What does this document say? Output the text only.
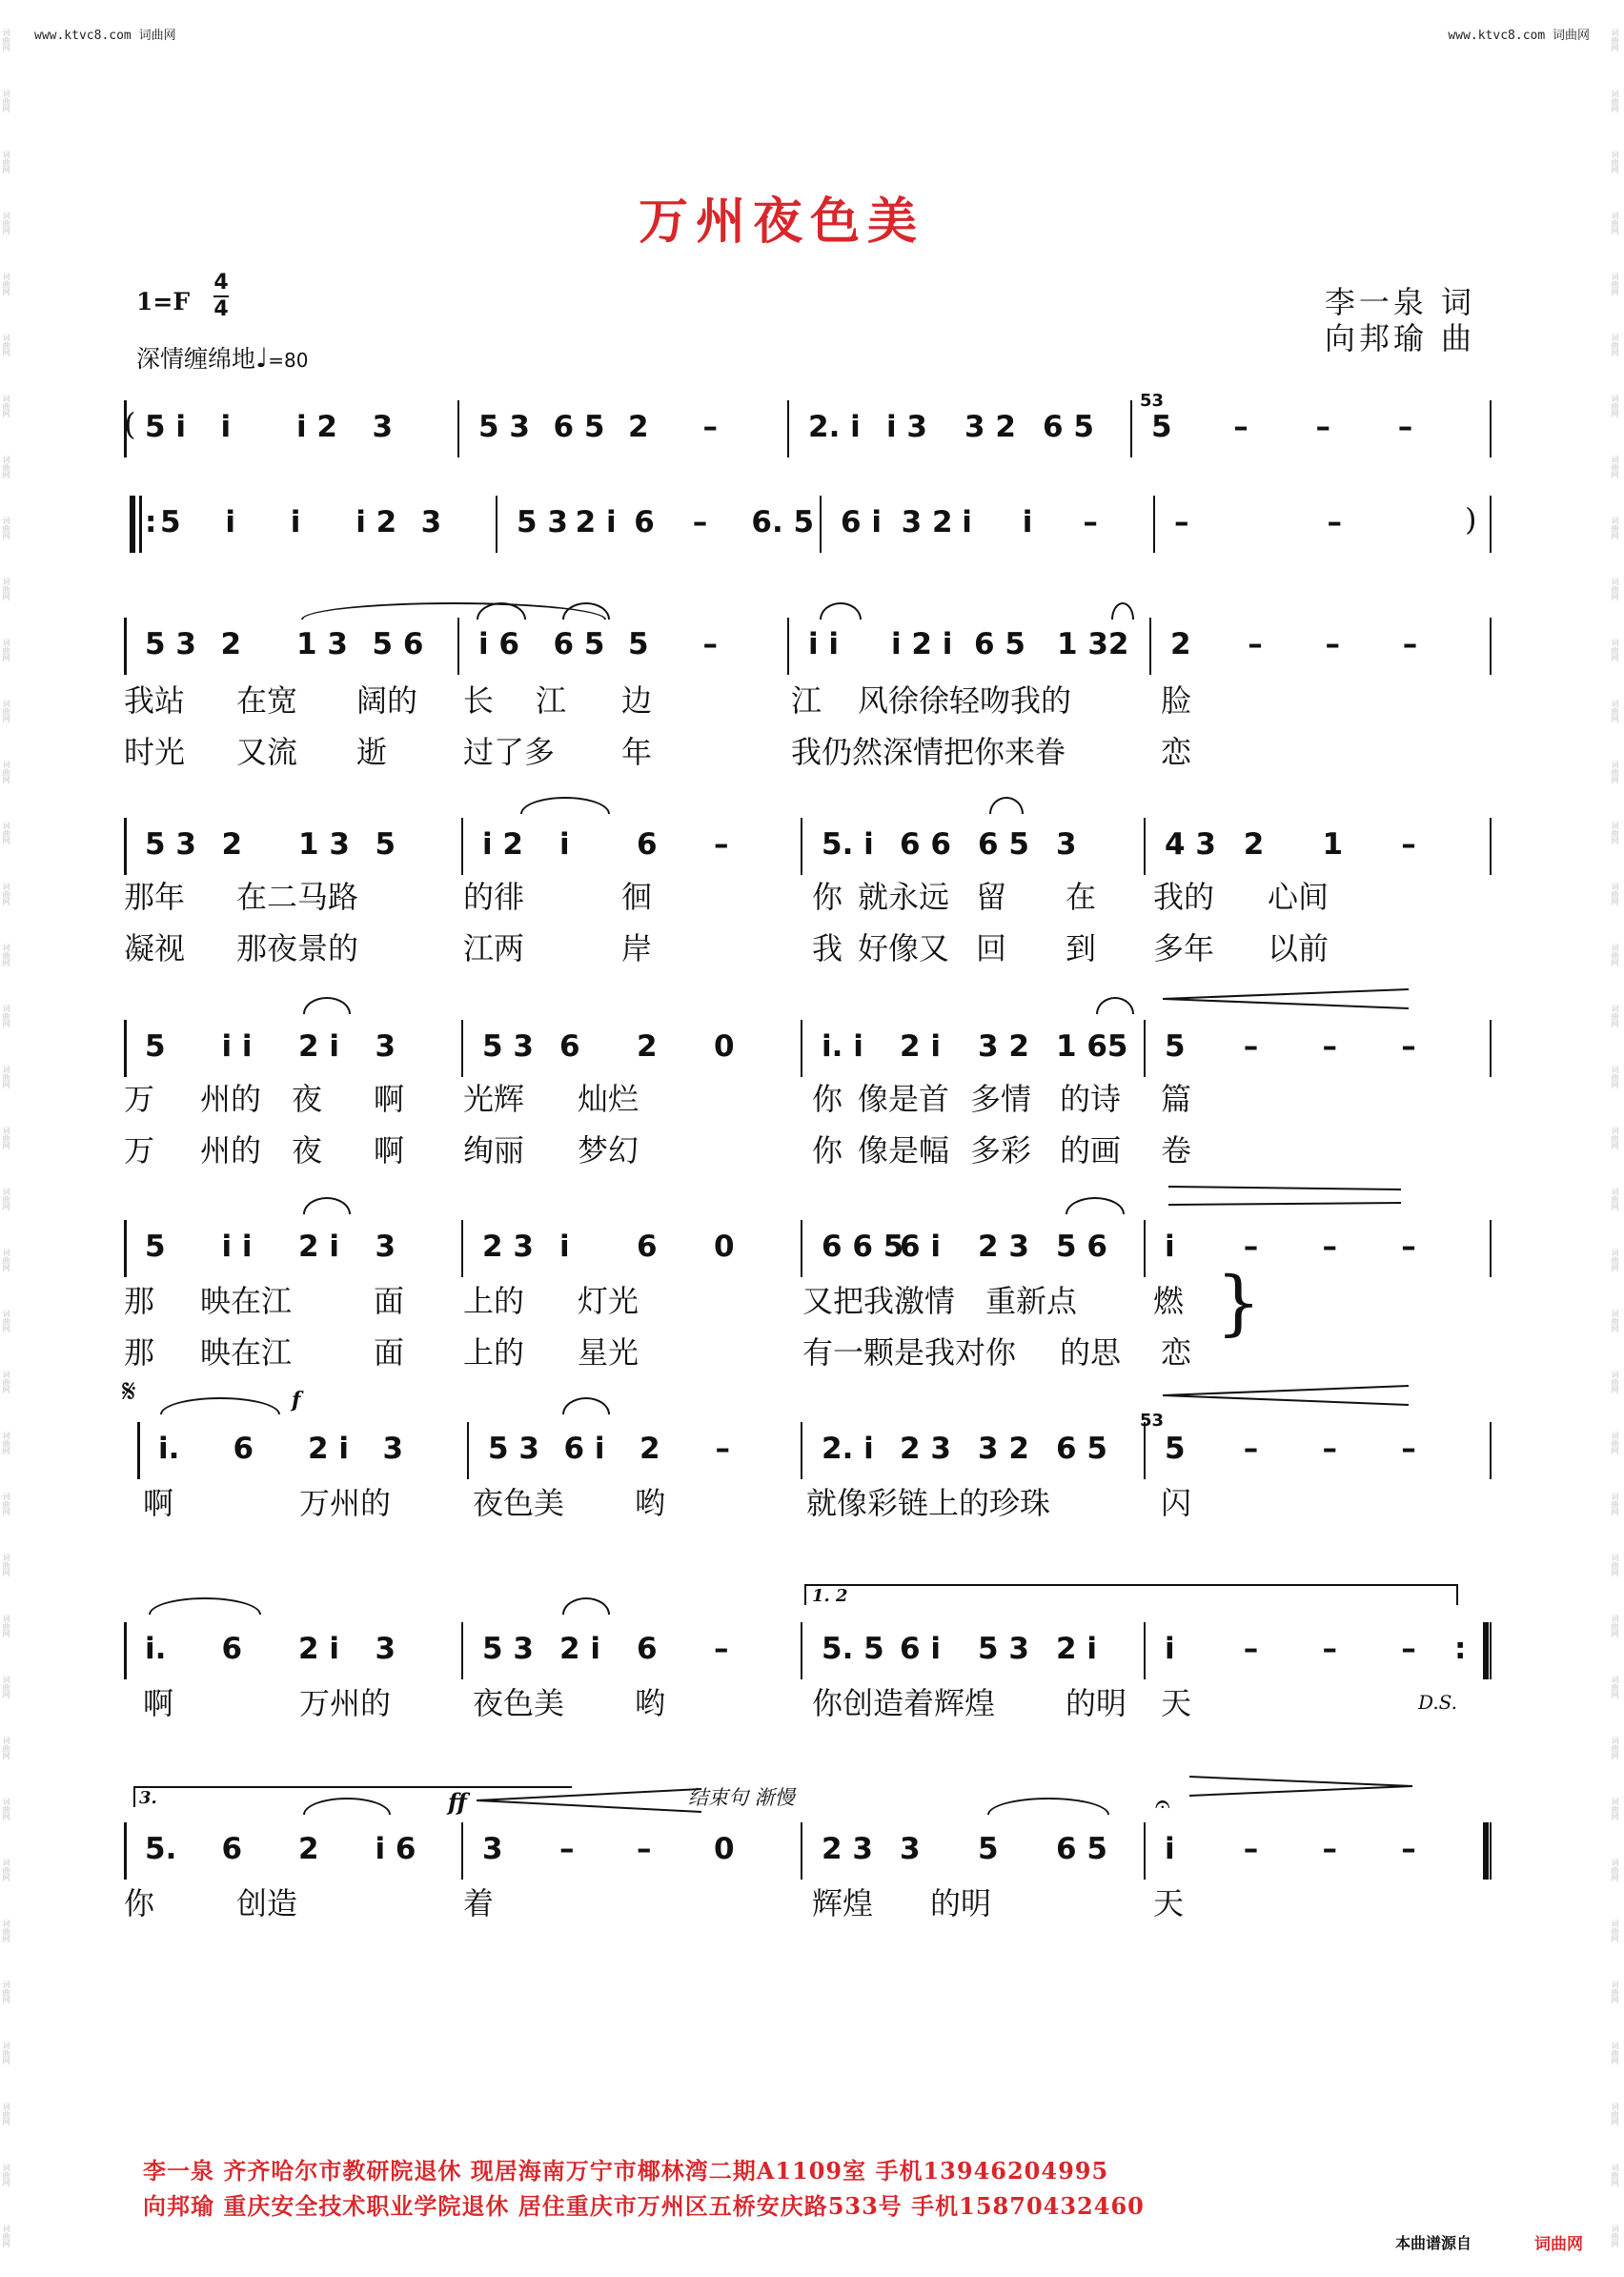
词曲网
词曲网
词曲网
词曲网
词曲网
词曲网
词曲网
词曲网
词曲网
词曲网
词曲网
词曲网
词曲网
词曲网
词曲网
词曲网
词曲网
词曲网
词曲网
词曲网
词曲网
词曲网
词曲网
词曲网
词曲网
词曲网
词曲网
词曲网
词曲网
词曲网
词曲网
词曲网
词曲网
词曲网
词曲网
词曲网
词曲网
词曲网
词曲网
词曲网
词曲网
词曲网
词曲网
词曲网
词曲网
词曲网
词曲网
词曲网
词曲网
词曲网
词曲网
词曲网
词曲网
词曲网
词曲网
词曲网
词曲网
词曲网
词曲网
词曲网
词曲网
词曲网
词曲网
词曲网
词曲网
词曲网
词曲网
词曲网
词曲网
词曲网
词曲网
词曲网
词曲网
词曲网
www.ktvc8.com 词曲网	www.ktvc8.com 词曲网
万州夜色美
1=F
4
4
深情缠绵地♩=80
李一泉 词
向邦瑜 曲
5 i i i 2 3	5 3 6 5 2 –	2. i i 3 3 2 6 5 5 – – –
: 5 i i i 2 3	5 3 2 i 6 – 6. 5 6 i 3 2 i i –	–	–
5 3 2 1 3 5 6 i 6 6 5 5 –	i i i 2 i 6 5 1 32 2 – – –
5 3 2 1 3 5	i 2 i 6 –	5. i 6 6 6 5 3	4 3 2 1 –
5 i i 2 i 3	5 3 6 2 0	i. i 2 i 3 2 1 65 5 – – –
5 i i 2 i 3	2 3 i 6 0	6 6 5
6 i 2 3 5 6 i – – –
i. 6 2 i 3	5 3 6 i 2 –	2. i 2 3 3 2 6 5 5 – – –
:
i. 6 2 i 3	5 3 2 i 6 –	5. 5 6 i 5 3 2 i i – – –
5. 6 2 i 6 3 – – 0	2 3 3 5 6 5 i – – –
(
)
53
53
𝄋	f
ff	结束句 渐慢
D.S.
}
1. 2
3.	𝄐
我站 在宽 阔的 长 江 边	江 风徐徐轻吻我的	脸
时光 又流 逝 过了多 年	我仍然深情把你来眷	恋
那年 在二马路	的徘	徊	你 就永远 留 在 我的 心间
凝视 那夜景的	江两	岸	我 好像又 回 到 多年 以前
万 州的 夜 啊 光辉 灿烂	你 像是首 多情 的诗 篇
万 州的 夜 啊 绚丽 梦幻	你 像是幅 多彩 的画 卷
那 映在江	面 上的 灯光	又把我激情 重新点 燃
那 映在江	面 上的 星光	有一颗是我对你 的思 恋
啊	万州的	夜色美 哟	就像彩链上的珍珠	闪
啊	万州的	夜色美 哟	你创造着辉煌 的明 天
你	创造	着	辉煌 的明	天
李一泉 齐齐哈尔市教研院退休 现居海南万宁市椰林湾二期A1109室 手机13946204995
向邦瑜 重庆安全技术职业学院退休 居住重庆市万州区五桥安庆路533号 手机15870432460
本曲谱源自	词曲网
